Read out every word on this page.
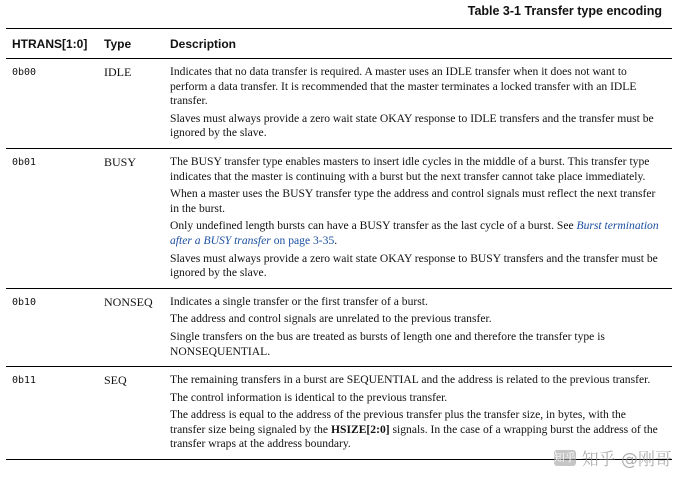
Table 3-1 Transfer type encoding
HTRANS[1:0]	Type	Description
0b00	IDLE	Indicates that no data transfer is required. A master uses an IDLE transfer when it does not want to perform a data transfer. It is recommended that the master terminates a locked transfer with an IDLE transfer.

Slaves must always provide a zero wait state OKAY response to IDLE transfers and the transfer must be ignored by the slave.

0b01	BUSY	The BUSY transfer type enables masters to insert idle cycles in the middle of a burst. This transfer type indicates that the master is continuing with a burst but the next transfer cannot take place immediately.

When a master uses the BUSY transfer type the address and control signals must reflect the next transfer in the burst.

Only undefined length bursts can have a BUSY transfer as the last cycle of a burst. See Burst termination after a BUSY transfer on page 3-35.

Slaves must always provide a zero wait state OKAY response to BUSY transfers and the transfer must be ignored by the slave.

0b10	NONSEQ	Indicates a single transfer or the first transfer of a burst.

The address and control signals are unrelated to the previous transfer.

Single transfers on the bus are treated as bursts of length one and therefore the transfer type is NONSEQUENTIAL.

0b11	SEQ	The remaining transfers in a burst are SEQUENTIAL and the address is related to the previous transfer.

The control information is identical to the previous transfer.

The address is equal to the address of the previous transfer plus the transfer size, in bytes, with the transfer size being signaled by the HSIZE[2:0] signals. In the case of a wrapping burst the address of the transfer wraps at the address boundary.

知乎 知乎 @刚哥
